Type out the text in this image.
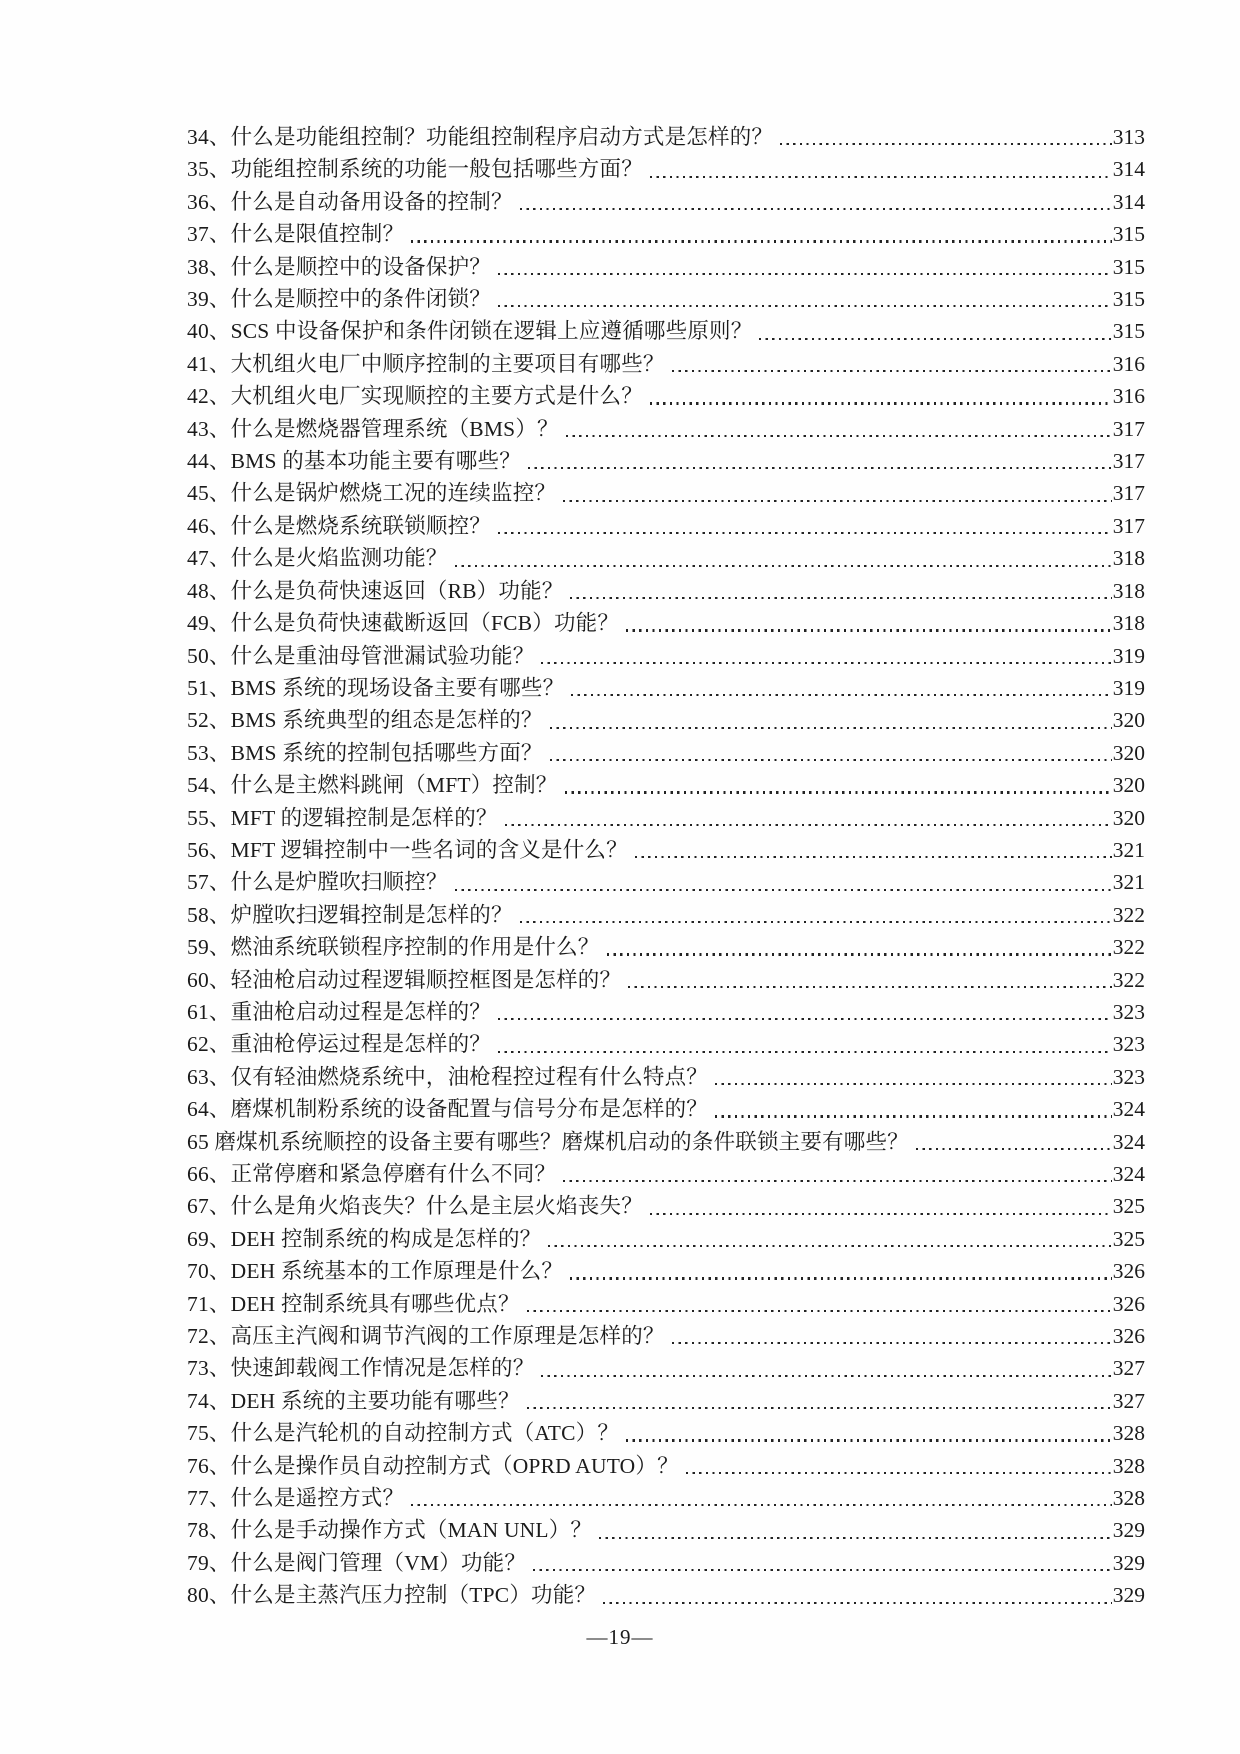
34、什么是功能组控制？功能组控制程序启动方式是怎样的？	313
35、功能组控制系统的功能一般包括哪些方面？	314
36、什么是自动备用设备的控制？	314
37、什么是限值控制？	315
38、什么是顺控中的设备保护？	315
39、什么是顺控中的条件闭锁？	315
40、SCS 中设备保护和条件闭锁在逻辑上应遵循哪些原则？	315
41、大机组火电厂中顺序控制的主要项目有哪些？	316
42、大机组火电厂实现顺控的主要方式是什么？	316
43、什么是燃烧器管理系统（BMS）？	317
44、BMS 的基本功能主要有哪些？	317
45、什么是锅炉燃烧工况的连续监控？	317
46、什么是燃烧系统联锁顺控？	317
47、什么是火焰监测功能？	318
48、什么是负荷快速返回（RB）功能？	318
49、什么是负荷快速截断返回（FCB）功能？	318
50、什么是重油母管泄漏试验功能？	319
51、BMS 系统的现场设备主要有哪些？	319
52、BMS 系统典型的组态是怎样的？	320
53、BMS 系统的控制包括哪些方面？	320
54、什么是主燃料跳闸（MFT）控制？	320
55、MFT 的逻辑控制是怎样的？	320
56、MFT 逻辑控制中一些名词的含义是什么？	321
57、什么是炉膛吹扫顺控？	321
58、炉膛吹扫逻辑控制是怎样的？	322
59、燃油系统联锁程序控制的作用是什么？	322
60、轻油枪启动过程逻辑顺控框图是怎样的？	322
61、重油枪启动过程是怎样的？	323
62、重油枪停运过程是怎样的？	323
63、仅有轻油燃烧系统中，油枪程控过程有什么特点？	323
64、磨煤机制粉系统的设备配置与信号分布是怎样的？	324
65 磨煤机系统顺控的设备主要有哪些？磨煤机启动的条件联锁主要有哪些？	324
66、正常停磨和紧急停磨有什么不同？	324
67、什么是角火焰丧失？什么是主层火焰丧失？	325
69、DEH 控制系统的构成是怎样的？	325
70、DEH 系统基本的工作原理是什么？	326
71、DEH 控制系统具有哪些优点？	326
72、高压主汽阀和调节汽阀的工作原理是怎样的？	326
73、快速卸载阀工作情况是怎样的？	327
74、DEH 系统的主要功能有哪些？	327
75、什么是汽轮机的自动控制方式（ATC）？	328
76、什么是操作员自动控制方式（OPRD AUTO）？	328
77、什么是遥控方式？	328
78、什么是手动操作方式（MAN UNL）？	329
79、什么是阀门管理（VM）功能？	329
80、什么是主蒸汽压力控制（TPC）功能？	329
—19—
